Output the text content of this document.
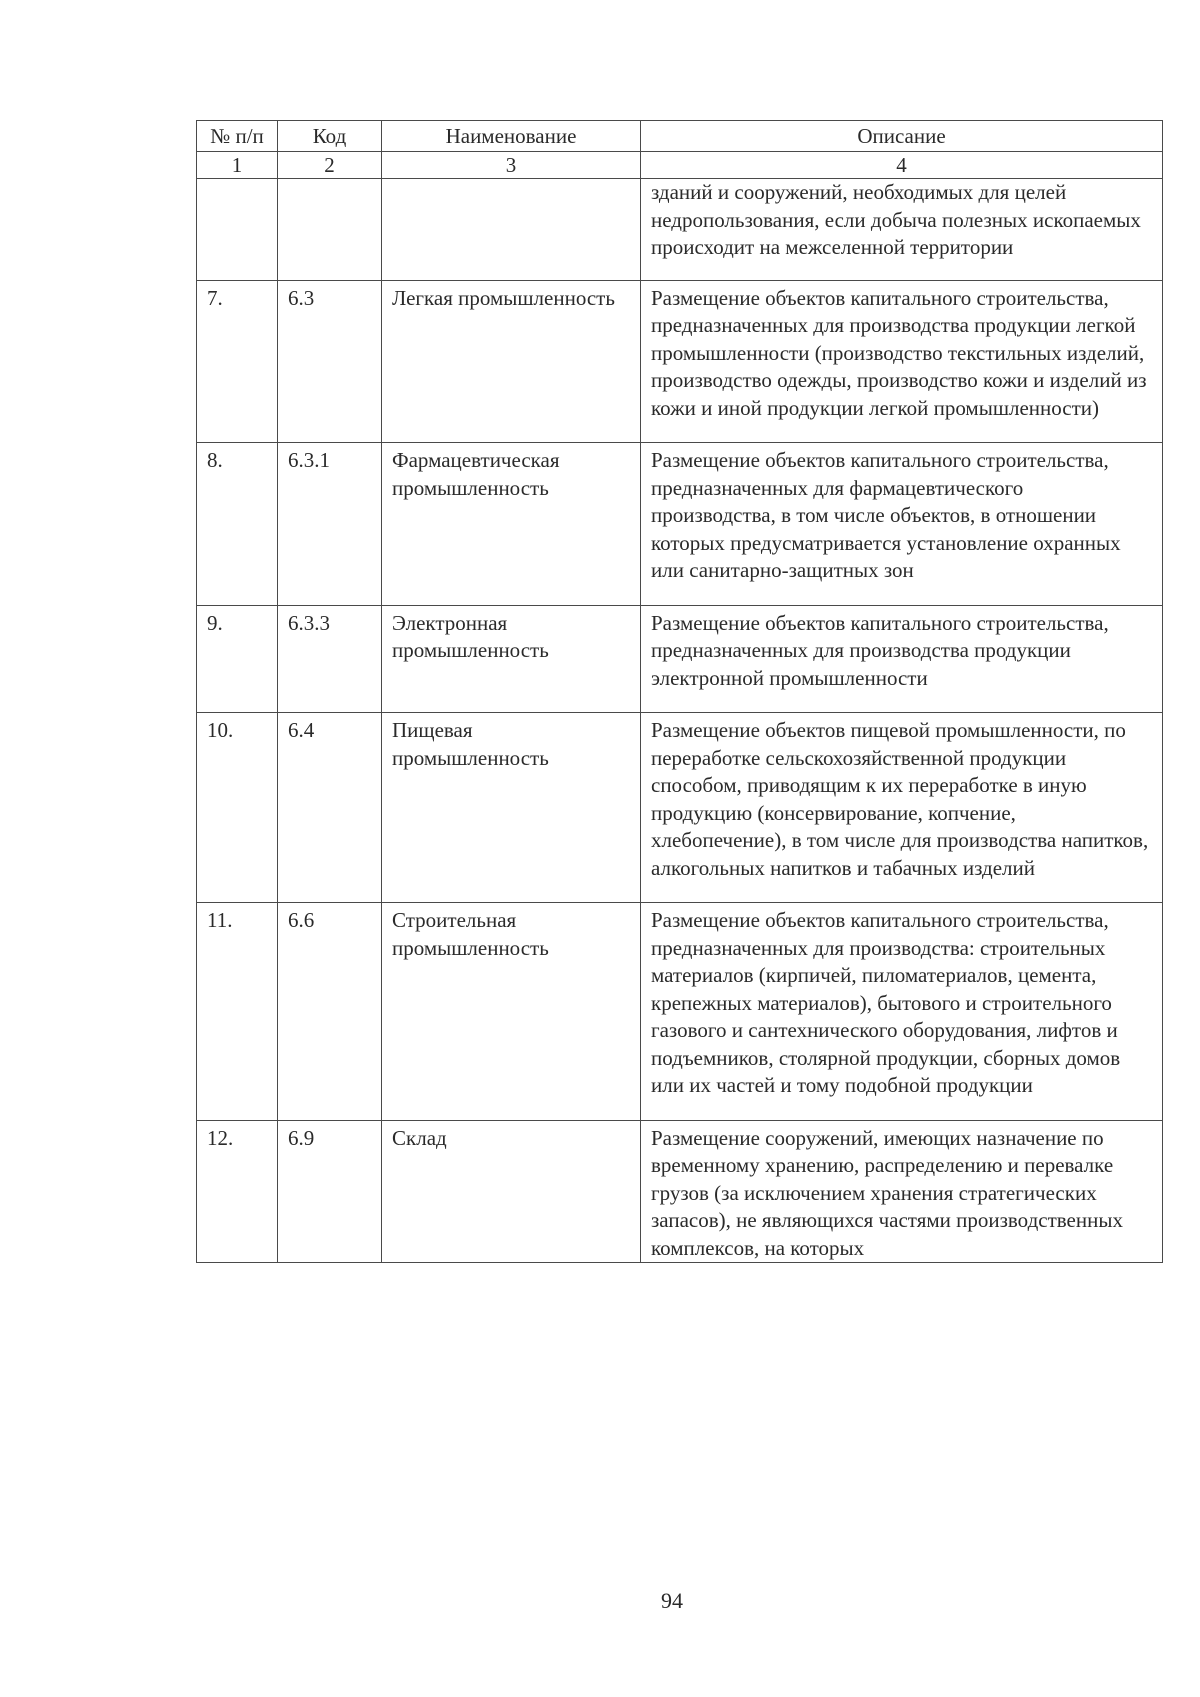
№ п/п	Код	Наименование	Описание
1	2	3	4
			зданий и сооружений, необходимых для целей недропользования, если добыча полезных ископаемых происходит на межселенной территории
7.	6.3	Легкая промышленность	Размещение объектов капитального строительства, предназначенных для производства продукции легкой промышленности (производство текстильных изделий, производство одежды, производство кожи и изделий из кожи и иной продукции легкой промышленности)
8.	6.3.1	Фармацевтическая промышленность	Размещение объектов капитального строительства, предназначенных для фармацевтического производства, в том числе объектов, в отношении которых предусматривается установление охранных или санитарно-защитных зон
9.	6.3.3	Электронная промышленность	Размещение объектов капитального строительства, предназначенных для производства продукции электронной промышленности
10.	6.4	Пищевая промышленность	Размещение объектов пищевой промышленности, по переработке сельскохозяйственной продукции способом, приводящим к их переработке в иную продукцию (консервирование, копчение, хлебопечение), в том числе для производства напитков, алкогольных напитков и табачных изделий
11.	6.6	Строительная промышленность	Размещение объектов капитального строительства, предназначенных для производства: строительных материалов (кирпичей, пиломатериалов, цемента, крепежных материалов), бытового и строительного газового и сантехнического оборудования, лифтов и подъемников, столярной продукции, сборных домов или их частей и тому подобной продукции
12.	6.9	Склад	Размещение сооружений, имеющих назначение по временному хранению, распределению и перевалке грузов (за исключением хранения стратегических запасов), не являющихся частями производственных комплексов, на которых
94
